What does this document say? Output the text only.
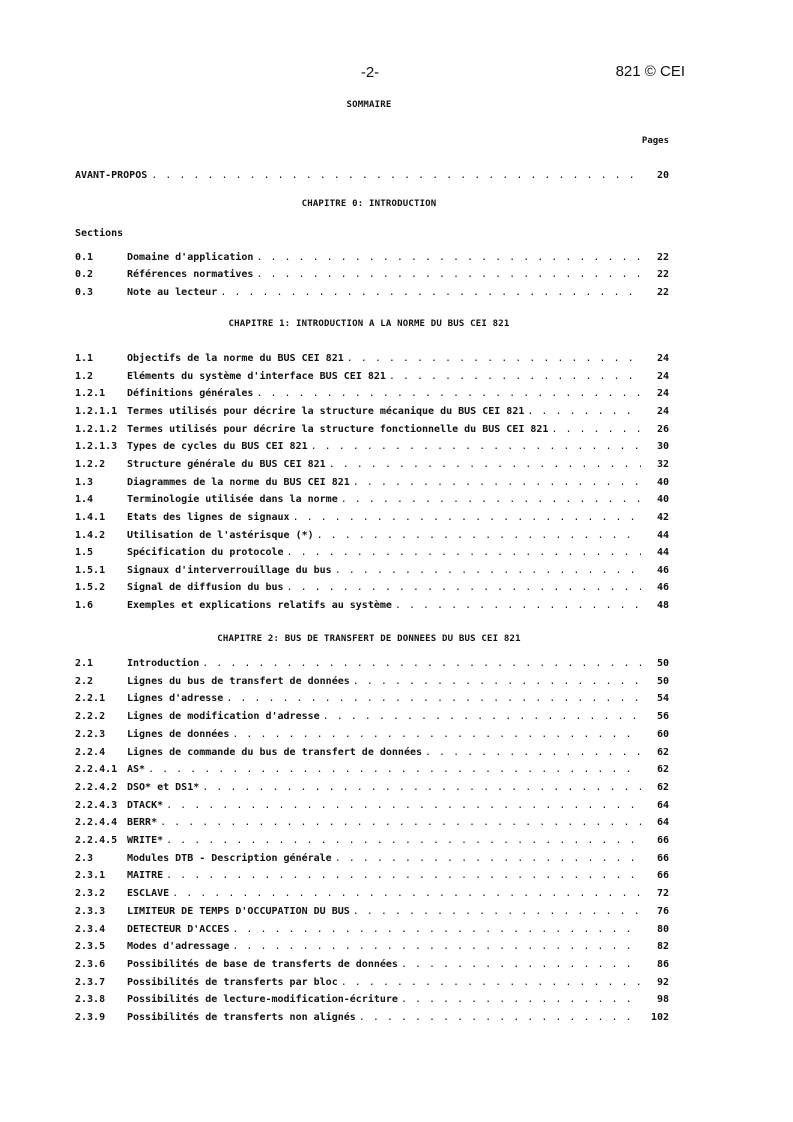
-2-	821 © CEI
SOMMAIRE
Pages
AVANT-PROPOS . . .	20
CHAPITRE 0: INTRODUCTION
Sections
0.1	Domaine d'application . . .	22
0.2	Références normatives . . .	22
0.3	Note au lecteur . . .	22
CHAPITRE 1: INTRODUCTION A LA NORME DU BUS CEI 821
1.1	Objectifs de la norme du BUS CEI 821 . . .	24
1.2	Eléments du système d'interface BUS CEI 821 . . .	24
1.2.1	Définitions générales . . .	24
1.2.1.1 Termes utilisés pour décrire la structure mécanique du BUS CEI 821 . . .	24
1.2.1.2 Termes utilisés pour décrire la structure fonctionnelle du BUS CEI 821 . . .	26
1.2.1.3 Types de cycles du BUS CEI 821 . . .	30
1.2.2	Structure générale du BUS CEI 821 . . .	32
1.3	Diagrammes de la norme du BUS CEI 821 . . .	40
1.4	Terminologie utilisée dans la norme . . .	40
1.4.1	Etats des lignes de signaux . . .	42
1.4.2	Utilisation de l'astérisque (*) . . .	44
1.5	Spécification du protocole . . .	44
1.5.1	Signaux d'interverrouillage du bus . . .	46
1.5.2	Signal de diffusion du bus . . .	46
1.6	Exemples et explications relatifs au système . . .	48
CHAPITRE 2: BUS DE TRANSFERT DE DONNEES DU BUS CEI 821
2.1	Introduction . . .	50
2.2	Lignes du bus de transfert de données . . .	50
2.2.1	Lignes d'adresse . . .	54
2.2.2	Lignes de modification d'adresse . . .	56
2.2.3	Lignes de données . . .	60
2.2.4	Lignes de commande du bus de transfert de données . . .	62
2.2.4.1 AS* . . .	62
2.2.4.2 DSO* et DS1* . . .	62
2.2.4.3 DTACK* . . .	64
2.2.4.4 BERR* . . .	64
2.2.4.5 WRITE* . . .	66
2.3	Modules DTB - Description générale . . .	66
2.3.1	MAITRE . . .	66
2.3.2	ESCLAVE . . .	72
2.3.3	LIMITEUR DE TEMPS D'OCCUPATION DU BUS . . .	76
2.3.4	DETECTEUR D'ACCES . . .	80
2.3.5	Modes d'adressage . . .	82
2.3.6	Possibilités de base de transferts de données . . .	86
2.3.7	Possibilités de transferts par bloc . . .	92
2.3.8	Possibilités de lecture-modification-écriture . . .	98
2.3.9	Possibilités de transferts non alignés . . .	102
